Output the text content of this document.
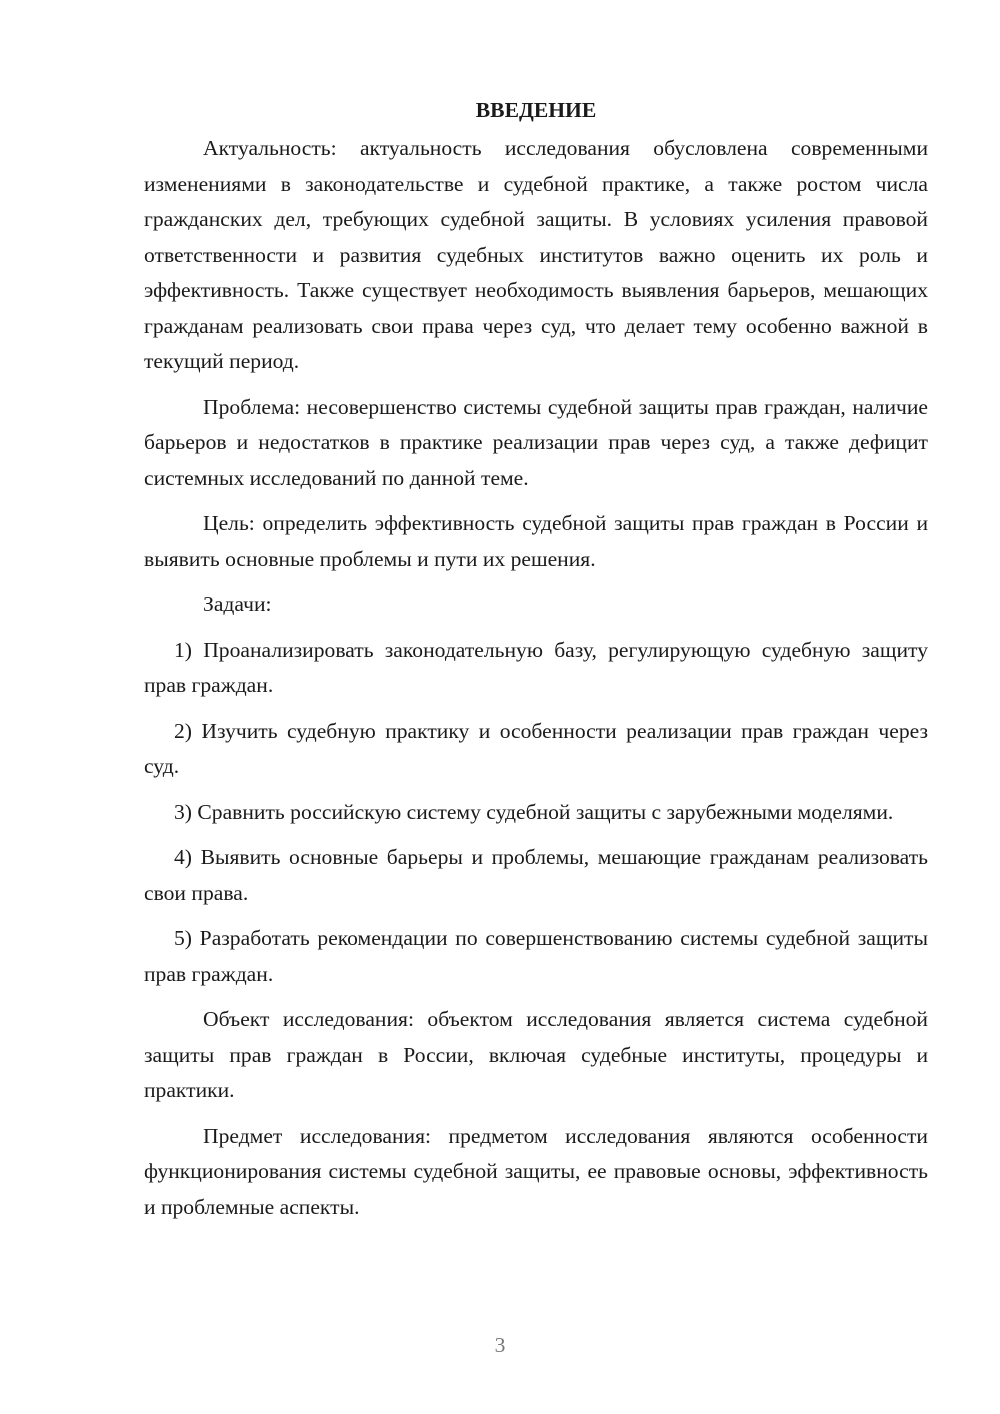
ВВЕДЕНИЕ

Актуальность: актуальность исследования обусловлена современными изменениями в законодательстве и судебной практике, а также ростом числа гражданских дел, требующих судебной защиты. В условиях усиления правовой ответственности и развития судебных институтов важно оценить их роль и эффективность. Также существует необходимость выявления барьеров, мешающих гражданам реализовать свои права через суд, что делает тему особенно важной в текущий период.

Проблема: несовершенство системы судебной защиты прав граждан, наличие барьеров и недостатков в практике реализации прав через суд, а также дефицит системных исследований по данной теме.

Цель: определить эффективность судебной защиты прав граждан в России и выявить основные проблемы и пути их решения.

Задачи:

1) Проанализировать законодательную базу, регулирующую судебную защиту прав граждан.

2) Изучить судебную практику и особенности реализации прав граждан через суд.

3) Сравнить российскую систему судебной защиты с зарубежными моделями.

4) Выявить основные барьеры и проблемы, мешающие гражданам реализовать свои права.

5) Разработать рекомендации по совершенствованию системы судебной защиты прав граждан.

Объект исследования: объектом исследования является система судебной защиты прав граждан в России, включая судебные институты, процедуры и практики.

Предмет исследования: предметом исследования являются особенности функционирования системы судебной защиты, ее правовые основы, эффективность и проблемные аспекты.

3
